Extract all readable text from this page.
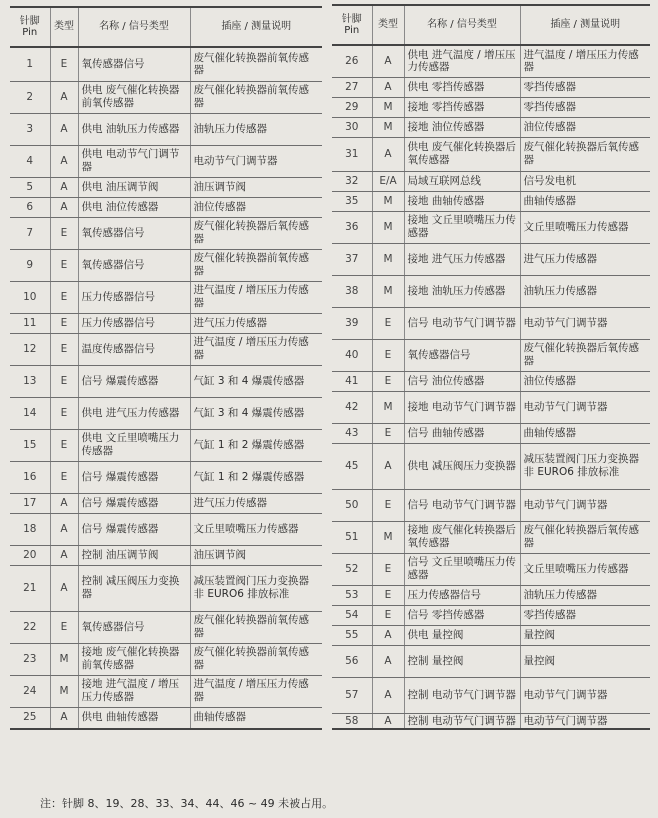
针脚
Pin	类型	名称 / 信号类型	插座 / 测量说明
1	E	氧传感器信号	废气催化转换器前氧传感器
2	A	供电 废气催化转换器前氧传感器	废气催化转换器前氧传感器
3	A	供电 油轨压力传感器	油轨压力传感器
4	A	供电 电动节气门调节器	电动节气门调节器
5	A	供电 油压调节阀	油压调节阀
6	A	供电 油位传感器	油位传感器
7	E	氧传感器信号	废气催化转换器后氧传感器
9	E	氧传感器信号	废气催化转换器前氧传感器
10	E	压力传感器信号	进气温度 / 增压压力传感器
11	E	压力传感器信号	进气压力传感器
12	E	温度传感器信号	进气温度 / 增压压力传感器
13	E	信号 爆震传感器	气缸 3 和 4 爆震传感器
14	E	供电 进气压力传感器	气缸 3 和 4 爆震传感器
15	E	供电 文丘里喷嘴压力传感器	气缸 1 和 2 爆震传感器
16	E	信号 爆震传感器	气缸 1 和 2 爆震传感器
17	A	信号 爆震传感器	进气压力传感器
18	A	信号 爆震传感器	文丘里喷嘴压力传感器
20	A	控制 油压调节阀	油压调节阀
21	A	控制 减压阀压力变换器	减压装置阀门压力变换器 非 EURO6 排放标准
22	E	氧传感器信号	废气催化转换器前氧传感器
23	M	接地 废气催化转换器前氧传感器	废气催化转换器前氧传感器
24	M	接地 进气温度 / 增压压力传感器	进气温度 / 增压压力传感器
25	A	供电 曲轴传感器	曲轴传感器
针脚
Pin	类型	名称 / 信号类型	插座 / 测量说明
26	A	供电 进气温度 / 增压压力传感器	进气温度 / 增压压力传感器
27	A	供电 零挡传感器	零挡传感器
29	M	接地 零挡传感器	零挡传感器
30	M	接地 油位传感器	油位传感器
31	A	供电 废气催化转换器后氧传感器	废气催化转换器后氧传感器
32	E/A	局域互联网总线	信号发电机
35	M	接地 曲轴传感器	曲轴传感器
36	M	接地 文丘里喷嘴压力传感器	文丘里喷嘴压力传感器
37	M	接地 进气压力传感器	进气压力传感器
38	M	接地 油轨压力传感器	油轨压力传感器
39	E	信号 电动节气门调节器	电动节气门调节器
40	E	氧传感器信号	废气催化转换器后氧传感器
41	E	信号 油位传感器	油位传感器
42	M	接地 电动节气门调节器	电动节气门调节器
43	E	信号 曲轴传感器	曲轴传感器
45	A	供电 减压阀压力变换器	减压装置阀门压力变换器 非 EURO6 排放标准
50	E	信号 电动节气门调节器	电动节气门调节器
51	M	接地 废气催化转换器后氧传感器	废气催化转换器后氧传感器
52	E	信号 文丘里喷嘴压力传感器	文丘里喷嘴压力传感器
53	E	压力传感器信号	油轨压力传感器
54	E	信号 零挡传感器	零挡传感器
55	A	供电 量控阀	量控阀
56	A	控制 量控阀	量控阀
57	A	控制 电动节气门调节器	电动节气门调节器
58	A	控制 电动节气门调节器	电动节气门调节器
注：针脚 8、19、28、33、34、44、46 ~ 49 未被占用。
